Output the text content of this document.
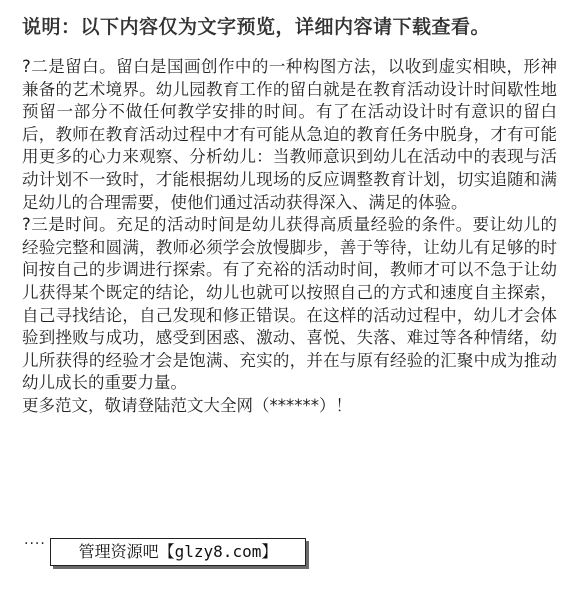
说明：以下内容仅为文字预览，详细内容请下载查看。

?二是留白。留白是国画创作中的一种构图方法，以收到虚实相映，形神兼备的艺术境界。幼儿园教育工作的留白就是在教育活动设计时间歇性地预留一部分不做任何教学安排的时间。有了在活动设计时有意识的留白后，教师在教育活动过程中才有可能从急迫的教育任务中脱身，才有可能用更多的心力来观察、分析幼儿：当教师意识到幼儿在活动中的表现与活动计划不一致时，才能根据幼儿现场的反应调整教育计划，切实追随和满足幼儿的合理需要，使他们通过活动获得深入、满足的体验。

?三是时间。充足的活动时间是幼儿获得高质量经验的条件。要让幼儿的经验完整和圆满，教师必须学会放慢脚步，善于等待，让幼儿有足够的时间按自己的步调进行探索。有了充裕的活动时间，教师才可以不急于让幼儿获得某个既定的结论，幼儿也就可以按照自己的方式和速度自主探索，自己寻找结论，自己发现和修正错误。在这样的活动过程中，幼儿才会体验到挫败与成功，感受到困惑、激动、喜悦、失落、难过等各种情绪，幼儿所获得的经验才会是饱满、充实的，并在与原有经验的汇聚中成为推动幼儿成长的重要力量。

更多范文，敬请登陆范文大全网（******）！

....
管理资源吧【glzy8.com】
